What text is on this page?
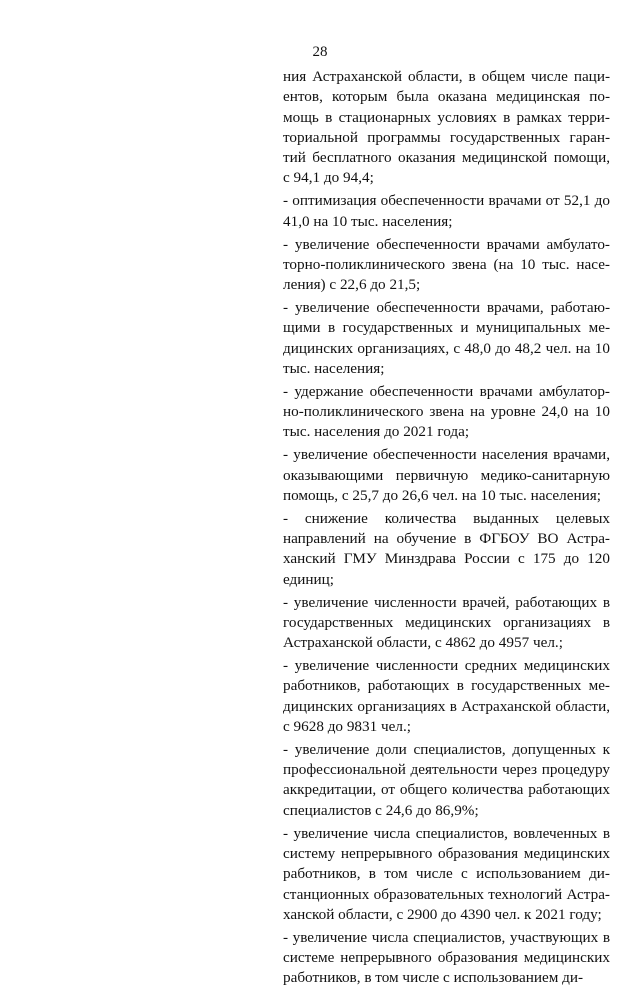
28
ния Астраханской области, в общем числе паци-
ентов, которым была оказана медицинская по-
мощь в стационарных условиях в рамках терри-
ториальной программы государственных гаран-
тий бесплатного оказания медицинской помощи,
с 94,1 до 94,4;
- оптимизация обеспеченности врачами от 52,1 до
41,0 на 10 тыс. населения;
- увеличение обеспеченности врачами амбулато-
торно-поликлинического звена (на 10 тыс. насе-
ления) с 22,6 до 21,5;
- увеличение обеспеченности врачами, работаю-
щими в государственных и муниципальных ме-
дицинских организациях, с 48,0 до 48,2 чел. на 10
тыс. населения;
- удержание обеспеченности врачами амбулатор-
но-поликлинического звена на уровне 24,0 на 10
тыс. населения до 2021 года;
- увеличение обеспеченности населения врачами,
оказывающими первичную медико-санитарную
помощь, с 25,7 до 26,6 чел. на 10 тыс. населения;
- снижение количества выданных целевых
направлений на обучение в ФГБОУ ВО Астра-
ханский ГМУ Минздрава России с 175 до 120
единиц;
- увеличение численности врачей, работающих в
государственных медицинских организациях в
Астраханской области, с 4862 до 4957 чел.;
- увеличение численности средних медицинских
работников, работающих в государственных ме-
дицинских организациях в Астраханской области,
с 9628 до 9831 чел.;
- увеличение доли специалистов, допущенных к
профессиональной деятельности через процедуру
аккредитации, от общего количества работающих
специалистов с 24,6 до 86,9%;
- увеличение числа специалистов, вовлеченных в
систему непрерывного образования медицинских
работников, в том числе с использованием ди-
станционных образовательных технологий Астра-
ханской области, с 2900 до 4390 чел. к 2021 году;
- увеличение числа специалистов, участвующих в
системе непрерывного образования медицинских
работников, в том числе с использованием ди-
